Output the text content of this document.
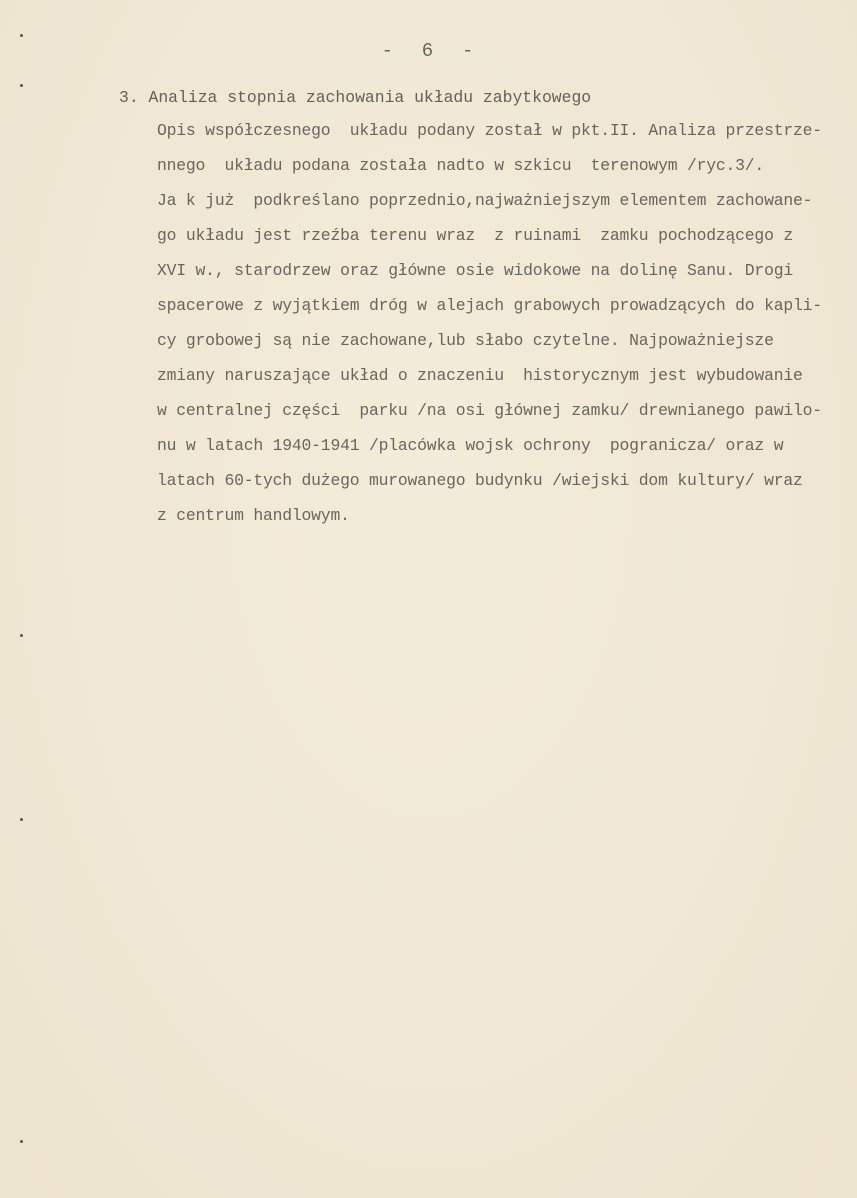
-  6  -
3. Analiza stopnia zachowania układu zabytkowego
Opis współczesnego  układu podany został w pkt.II. Analiza przestrze-
nnego  układu podana została nadto w szkicu  terenowym /ryc.3/.
Ja k już  podkreślano poprzednio,najważniejszym elementem zachowane-
go układu jest rzeźba terenu wraz  z ruinami  zamku pochodzącego z
XVI w., starodrzew oraz główne osie widokowe na dolinę Sanu. Drogi
spacerowe z wyjątkiem dróg w alejach grabowych prowadzących do kapli-
cy grobowej są nie zachowane,lub słabo czytelne. Najpoważniejsze
zmiany naruszające układ o znaczeniu  historycznym jest wybudowanie
w centralnej części  parku /na osi głównej zamku/ drewnianego pawilo-
nu w latach 1940-1941 /placówka wojsk ochrony  pogranicza/ oraz w
latach 60-tych dużego murowanego budynku /wiejski dom kultury/ wraz
z centrum handlowym.
